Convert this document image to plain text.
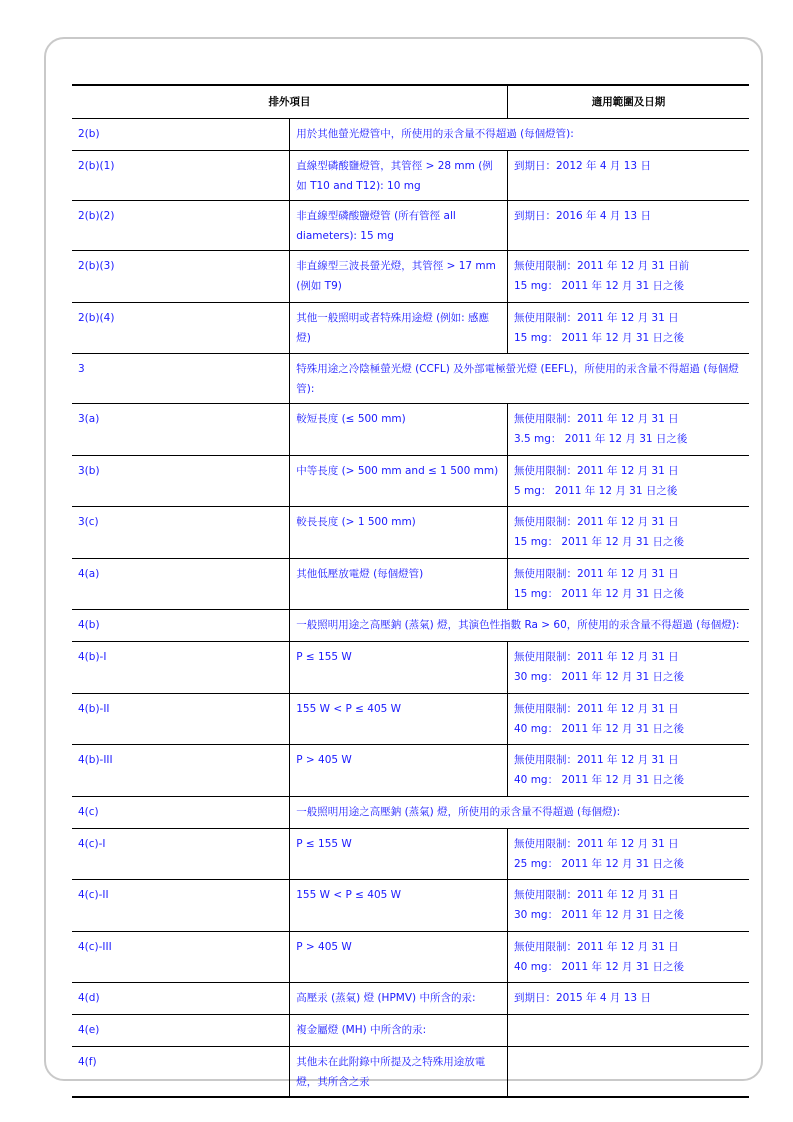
排外項目		適用範圍及日期
2(b)	用於其他螢光燈管中，所使用的汞含量不得超過 (每個燈管):	
2(b)(1)	直線型磷酸鹽燈管，其管徑 > 28 mm (例如 T10 and T12): 10 mg	到期日：2012 年 4 月 13 日

2(b)(2)	非直線型磷酸鹽燈管 (所有管徑 all diameters): 15 mg	到期日：2016 年 4 月 13 日

2(b)(3)	非直線型三波長螢光燈，其管徑 > 17 mm (例如 T9)	無使用限制：2011 年 12 月 31 日前
15 mg： 2011 年 12 月 31 日之後

2(b)(4)	其他一般照明或者特殊用途燈 (例如: 感應燈)	無使用限制：2011 年 12 月 31 日
15 mg： 2011 年 12 月 31 日之後

3	特殊用途之冷陰極螢光燈 (CCFL) 及外部電極螢光燈 (EEFL)，所使用的汞含量不得超過 (每個燈管):	
3(a)	較短長度 (≤ 500 mm)	無使用限制：2011 年 12 月 31 日
3.5 mg： 2011 年 12 月 31 日之後

3(b)	中等長度 (> 500 mm and ≤ 1 500 mm)	無使用限制：2011 年 12 月 31 日
5 mg： 2011 年 12 月 31 日之後

3(c)	較長長度 (> 1 500 mm)	無使用限制：2011 年 12 月 31 日
15 mg： 2011 年 12 月 31 日之後

4(a)	其他低壓放電燈 (每個燈管)	無使用限制：2011 年 12 月 31 日
15 mg： 2011 年 12 月 31 日之後

4(b)	一般照明用途之高壓鈉 (蒸氣) 燈，其演色性指數 Ra > 60，所使用的汞含量不得超過 (每個燈):	
4(b)-I	P ≤ 155 W	無使用限制：2011 年 12 月 31 日
30 mg： 2011 年 12 月 31 日之後

4(b)-II	155 W < P ≤ 405 W	無使用限制：2011 年 12 月 31 日
40 mg： 2011 年 12 月 31 日之後

4(b)-III	P > 405 W	無使用限制：2011 年 12 月 31 日
40 mg： 2011 年 12 月 31 日之後

4(c)	一般照明用途之高壓鈉 (蒸氣) 燈，所使用的汞含量不得超過 (每個燈):	
4(c)-I	P ≤ 155 W	無使用限制：2011 年 12 月 31 日
25 mg： 2011 年 12 月 31 日之後

4(c)-II	155 W < P ≤ 405 W	無使用限制：2011 年 12 月 31 日
30 mg： 2011 年 12 月 31 日之後

4(c)-III	P > 405 W	無使用限制：2011 年 12 月 31 日
40 mg： 2011 年 12 月 31 日之後

4(d)	高壓汞 (蒸氣) 燈 (HPMV) 中所含的汞:	到期日：2015 年 4 月 13 日

4(e)	複金屬燈 (MH) 中所含的汞:	

4(f)	其他未在此附錄中所提及之特殊用途放電燈，其所含之汞	
